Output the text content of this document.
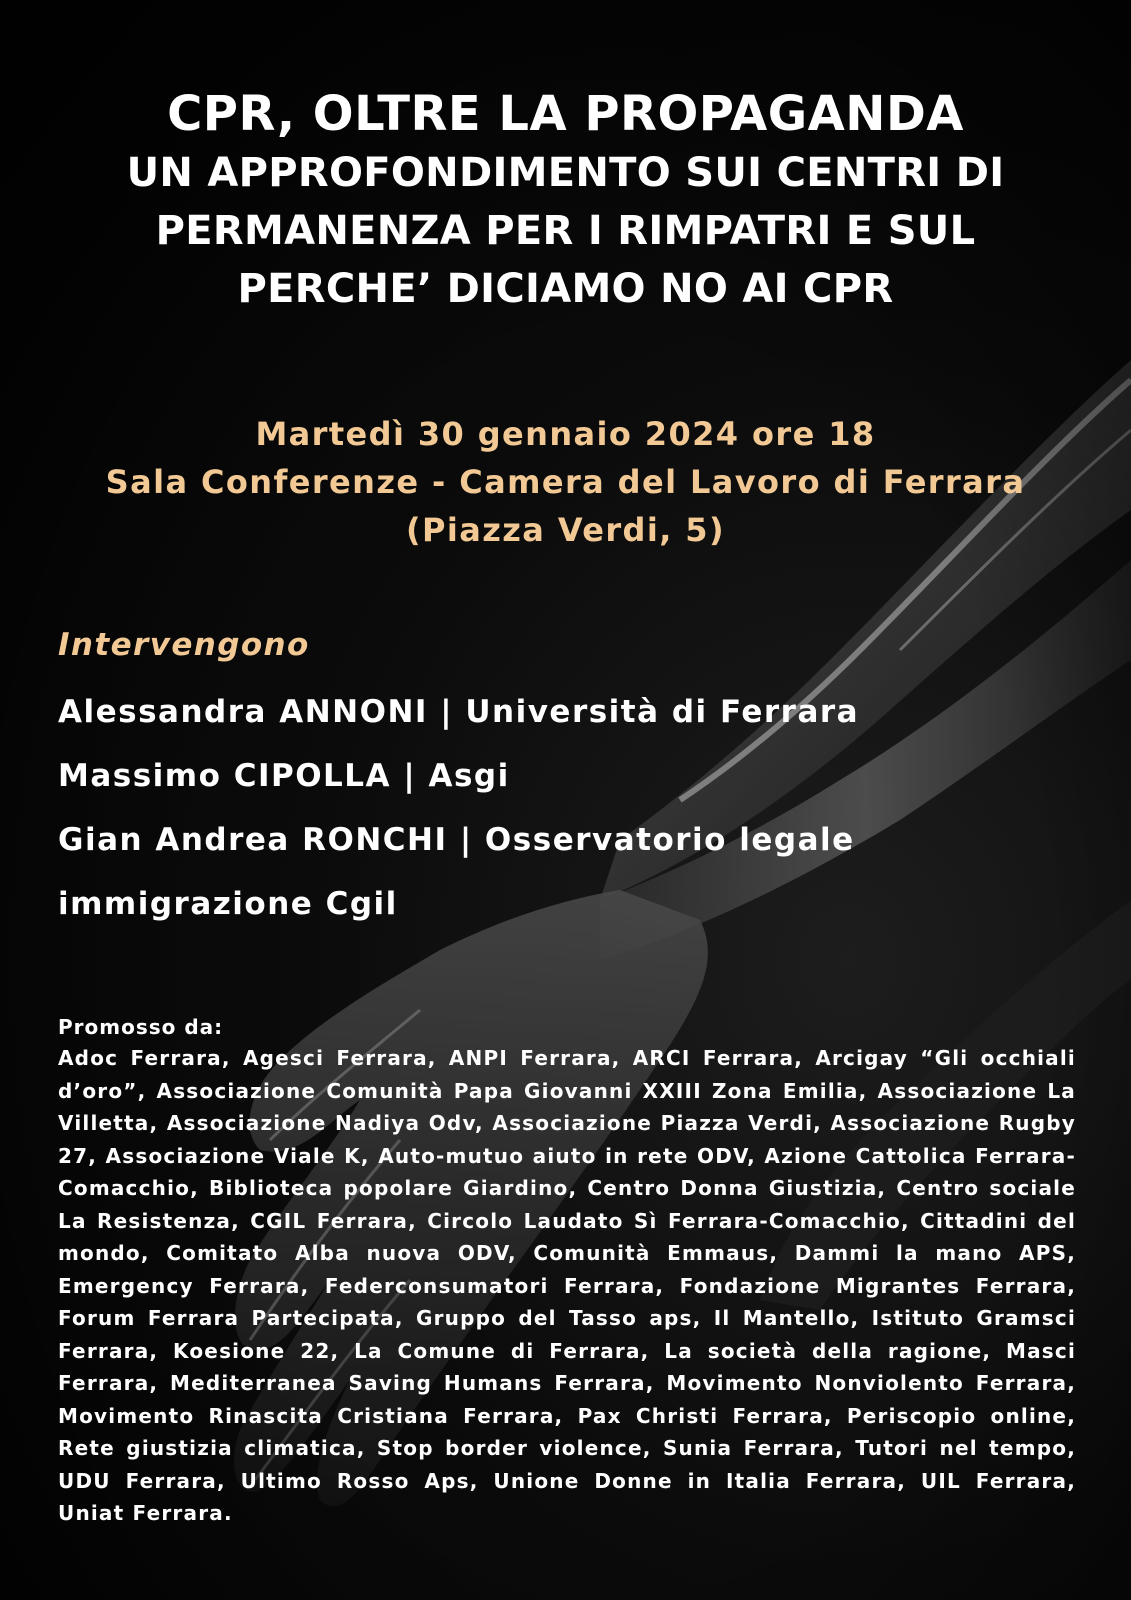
CPR, OLTRE LA PROPAGANDA
UN APPROFONDIMENTO SUI CENTRI DI
PERMANENZA PER I RIMPATRI E SUL
PERCHE’ DICIAMO NO AI CPR
Martedì 30 gennaio 2024 ore 18
Sala Conferenze - Camera del Lavoro di Ferrara
(Piazza Verdi, 5)
Intervengono
Alessandra ANNONI | Università di Ferrara
Massimo CIPOLLA | Asgi
Gian Andrea RONCHI | Osservatorio legale
immigrazione Cgil
Promosso da:
Adoc Ferrara, Agesci Ferrara, ANPI Ferrara, ARCI Ferrara, Arcigay “Gli occhiali d’oro”, Associazione Comunità Papa Giovanni XXIII Zona Emilia, Associazione La Villetta, Associazione Nadiya Odv, Associazione Piazza Verdi, Associazione Rugby 27, Associazione Viale K, Auto-mutuo aiuto in rete ODV, Azione Cattolica Ferrara-Comacchio, Biblioteca popolare Giardino, Centro Donna Giustizia, Centro sociale La Resistenza, CGIL Ferrara, Circolo Laudato Sì Ferrara-Comacchio, Cittadini del mondo, Comitato Alba nuova ODV, Comunità Emmaus, Dammi la mano APS, Emergency Ferrara, Federconsumatori Ferrara, Fondazione Migrantes Ferrara, Forum Ferrara Partecipata, Gruppo del Tasso aps, Il Mantello, Istituto Gramsci Ferrara, Koesione 22, La Comune di Ferrara, La società della ragione, Masci Ferrara, Mediterranea Saving Humans Ferrara, Movimento Nonviolento Ferrara, Movimento Rinascita Cristiana Ferrara, Pax Christi Ferrara, Periscopio online, Rete giustizia climatica, Stop border violence, Sunia Ferrara, Tutori nel tempo, UDU Ferrara, Ultimo Rosso Aps, Unione Donne in Italia Ferrara, UIL Ferrara, Uniat Ferrara.
